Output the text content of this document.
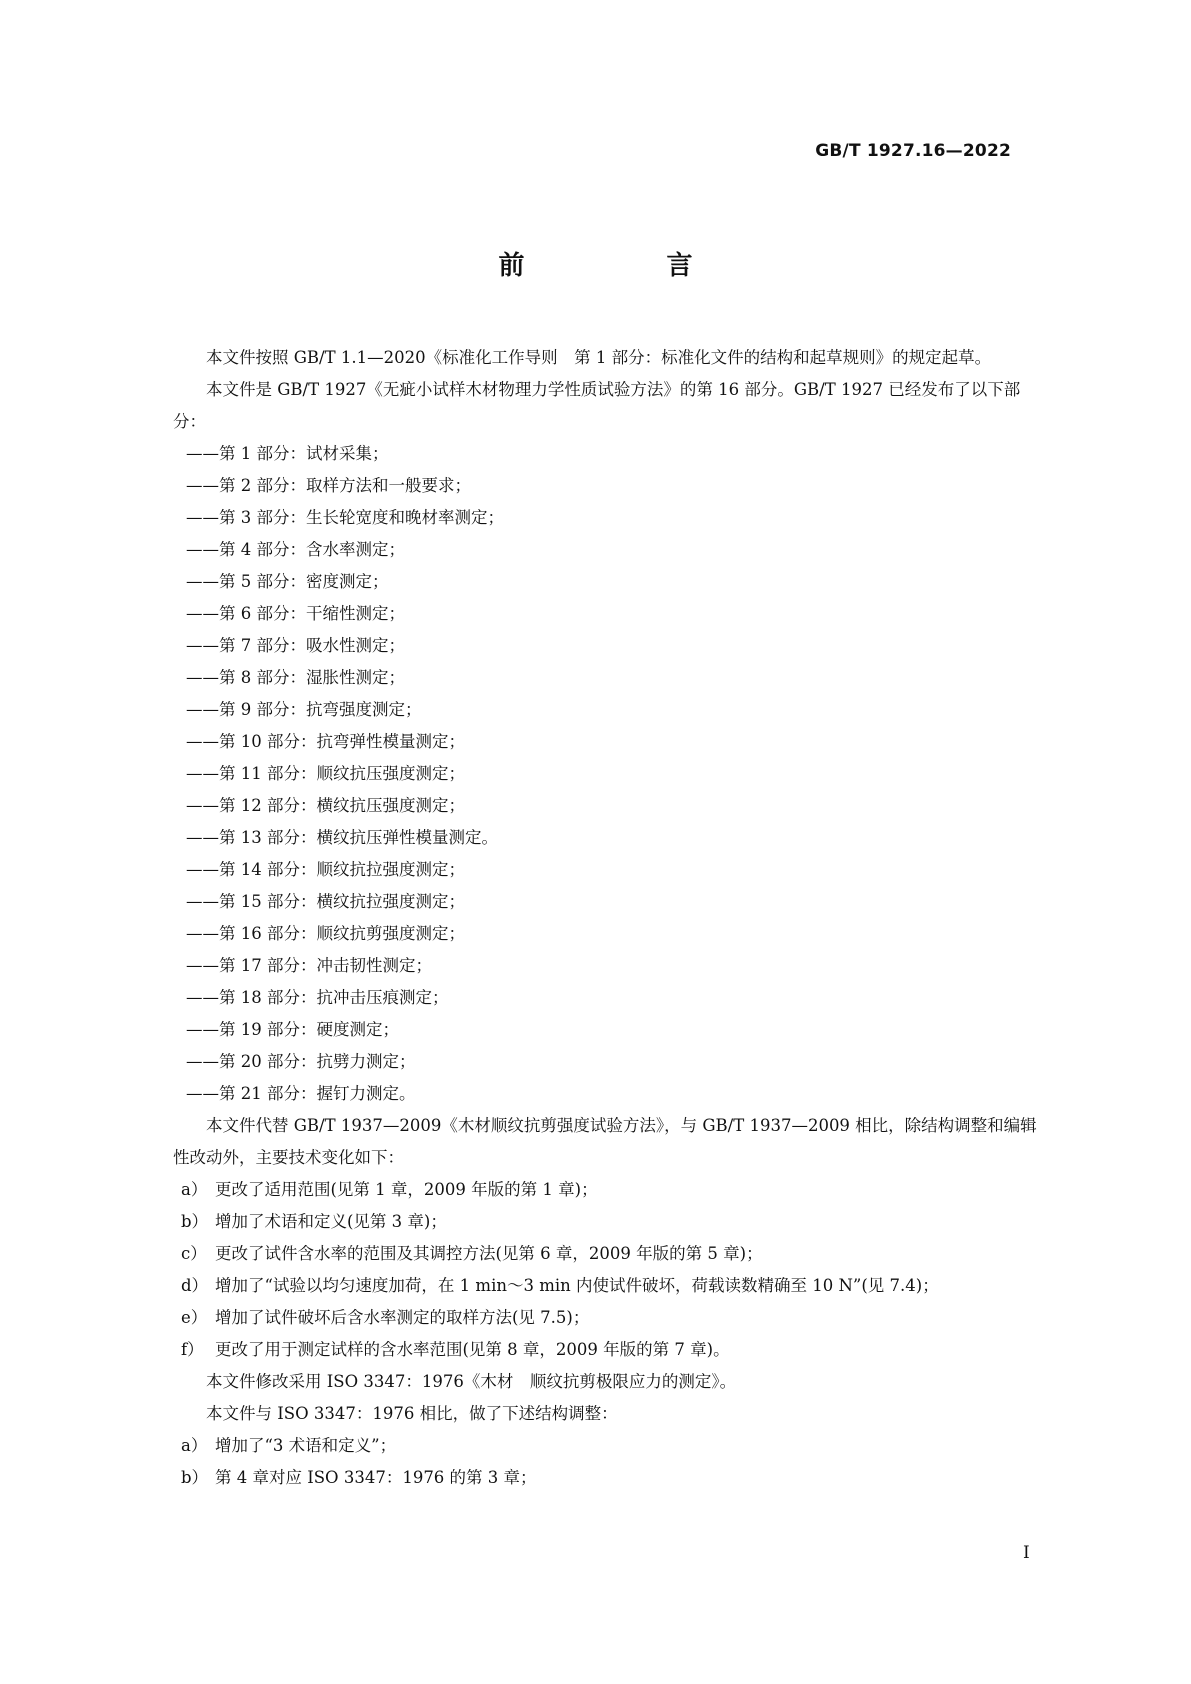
GB/T 1927.16—2022
前　言

本文件按照 GB/T 1.1—2020《标准化工作导则　第 1 部分：标准化文件的结构和起草规则》的规定起草。

本文件是 GB/T 1927《无疵小试样木材物理力学性质试验方法》的第 16 部分。GB/T 1927 已经发布了以下部分：

——第 1 部分：试材采集；

——第 2 部分：取样方法和一般要求；

——第 3 部分：生长轮宽度和晚材率测定；

——第 4 部分：含水率测定；

——第 5 部分：密度测定；

——第 6 部分：干缩性测定；

——第 7 部分：吸水性测定；

——第 8 部分：湿胀性测定；

——第 9 部分：抗弯强度测定；

——第 10 部分：抗弯弹性模量测定；

——第 11 部分：顺纹抗压强度测定；

——第 12 部分：横纹抗压强度测定；

——第 13 部分：横纹抗压弹性模量测定。

——第 14 部分：顺纹抗拉强度测定；

——第 15 部分：横纹抗拉强度测定；

——第 16 部分：顺纹抗剪强度测定；

——第 17 部分：冲击韧性测定；

——第 18 部分：抗冲击压痕测定；

——第 19 部分：硬度测定；

——第 20 部分：抗劈力测定；

——第 21 部分：握钉力测定。

本文件代替 GB/T 1937—2009《木材顺纹抗剪强度试验方法》，与 GB/T 1937—2009 相比，除结构调整和编辑性改动外，主要技术变化如下：

a） 更改了适用范围(见第 1 章，2009 年版的第 1 章)；

b） 增加了术语和定义(见第 3 章)；

c） 更改了试件含水率的范围及其调控方法(见第 6 章，2009 年版的第 5 章)；

d） 增加了“试验以均匀速度加荷，在 1 min～3 min 内使试件破坏，荷载读数精确至 10 N”(见 7.4)；

e） 增加了试件破坏后含水率测定的取样方法(见 7.5)；

f） 更改了用于测定试样的含水率范围(见第 8 章，2009 年版的第 7 章)。

本文件修改采用 ISO 3347：1976《木材　顺纹抗剪极限应力的测定》。

本文件与 ISO 3347：1976 相比，做了下述结构调整：

a） 增加了“3 术语和定义”；

b） 第 4 章对应 ISO 3347：1976 的第 3 章；

I
